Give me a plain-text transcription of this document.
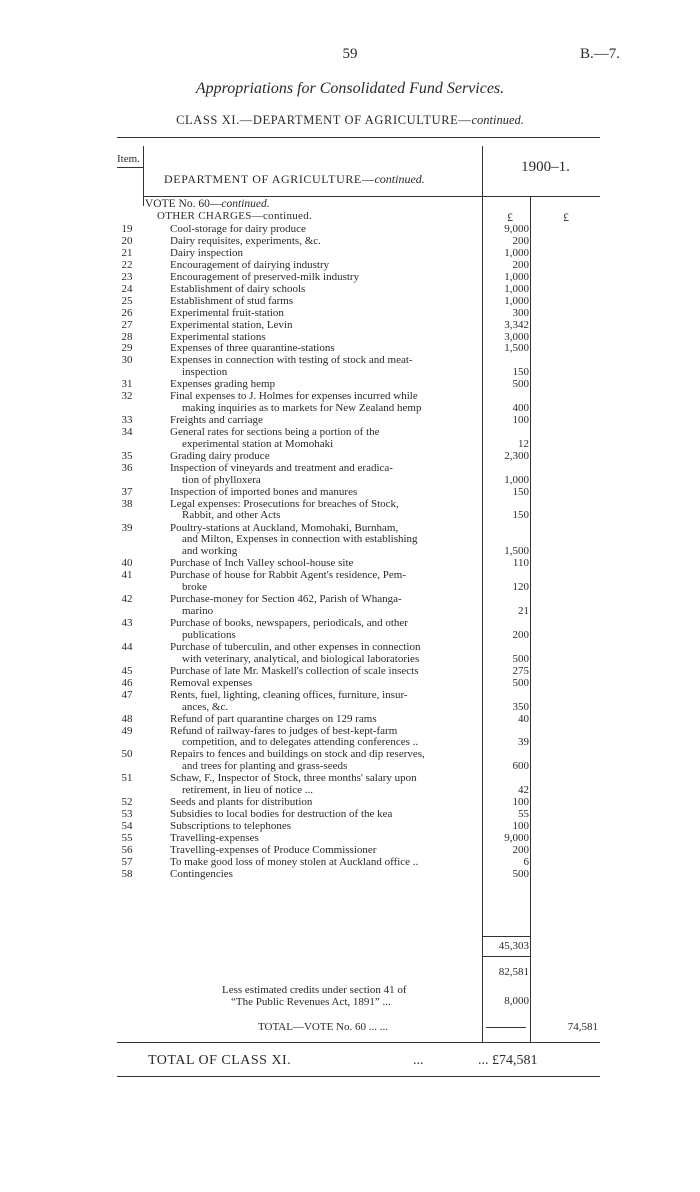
59	B.—7.
Appropriations for Consolidated Fund Services.
CLASS XI.—DEPARTMENT OF AGRICULTURE—continued.
Item.
DEPARTMENT OF AGRICULTURE—continued.
1900–1.
VOTE No. 60—continued.
OTHER CHARGES—continued.	£	£
19	Cool-storage for dairy produce	9,000
20	Dairy requisites, experiments, &c.	200
21	Dairy inspection	1,000
22	Encouragement of dairying industry	200
23	Encouragement of preserved-milk industry	1,000
24	Establishment of dairy schools	1,000
25	Establishment of stud farms	1,000
26	Experimental fruit-station	300
27	Experimental station, Levin	3,342
28	Experimental stations	3,000
29	Expenses of three quarantine-stations	1,500
30	Expenses in connection with testing of stock and meat-
inspection	150
31	Expenses grading hemp	500
32	Final expenses to J. Holmes for expenses incurred while
making inquiries as to markets for New Zealand hemp	400
33	Freights and carriage	100
34	General rates for sections being a portion of the
experimental station at Momohaki	12
35	Grading dairy produce	2,300
36	Inspection of vineyards and treatment and eradica-
tion of phylloxera	1,000
37	Inspection of imported bones and manures	150
38	Legal expenses: Prosecutions for breaches of Stock,
Rabbit, and other Acts	150
39	Poultry-stations at Auckland, Momohaki, Burnham,
and Milton, Expenses in connection with establishing
and working	1,500
40	Purchase of Inch Valley school-house site	110
41	Purchase of house for Rabbit Agent's residence, Pem-
broke	120
42	Purchase-money for Section 462, Parish of Whanga-
marino	21
43	Purchase of books, newspapers, periodicals, and other
publications	200
44	Purchase of tuberculin, and other expenses in connection
with veterinary, analytical, and biological laboratories	500
45	Purchase of late Mr. Maskell's collection of scale insects	275
46	Removal expenses	500
47	Rents, fuel, lighting, cleaning offices, furniture, insur-
ances, &c.	350
48	Refund of part quarantine charges on 129 rams	40
49	Refund of railway-fares to judges of best-kept-farm
competition, and to delegates attending conferences ..	39
50	Repairs to fences and buildings on stock and dip reserves,
and trees for planting and grass-seeds	600
51	Schaw, F., Inspector of Stock, three months' salary upon
retirement, in lieu of notice ...	42
52	Seeds and plants for distribution	100
53	Subsidies to local bodies for destruction of the kea	55
54	Subscriptions to telephones	100
55	Travelling-expenses	9,000
56	Travelling-expenses of Produce Commissioner	200
57	To make good loss of money stolen at Auckland office ..	6
58	Contingencies	500
45,303
82,581
Less estimated credits under section 41 of
“The Public Revenues Act, 1891” ...	8,000
TOTAL—VOTE No. 60 ... ...	74,581
TOTAL OF CLASS XI.	...	... £74,581
